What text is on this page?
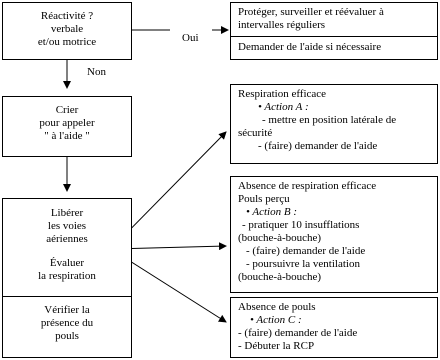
Réactivité ?
verbale
et/ou motrice	Oui
Non
Crier
pour appeler
" à l'aide "
Libérer
les voies
aériennes
Évaluer
la respiration
Vérifier la
présence du
pouls
Protéger, surveiller et réévaluer à
intervalles réguliers
Demander de l'aide si nécessaire
Respiration efficace
• Action A :
- mettre en position latérale de
sécurité
- (faire) demander de l'aide
Absence de respiration efficace
Pouls perçu
• Action B :
- pratiquer 10 insufflations
(bouche-à-bouche)
- (faire) demander de l'aide
- poursuivre la ventilation
(bouche-à-bouche)
Absence de pouls
• Action C :
- (faire) demander de l'aide
- Débuter la RCP
